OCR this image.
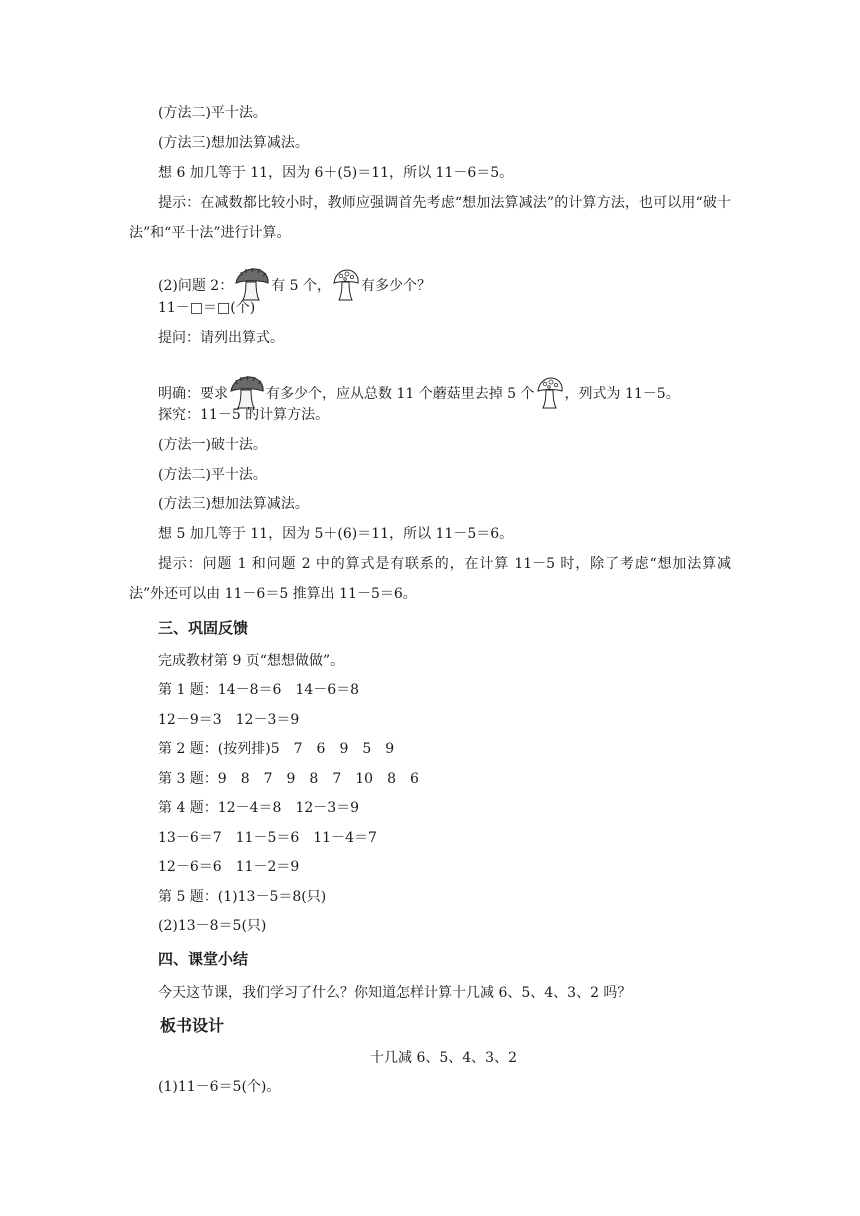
(方法二)平十法。
(方法三)想加法算减法。
想 6 加几等于 11，因为 6＋(5)＝11，所以 11－6＝5。
提示：在减数都比较小时，教师应强调首先考虑“想加法算减法”的计算方法，也可以用“破十法”和“平十法”进行计算。
(2)问题 2：	有 5 个， 有多少个？
11－□＝□(个)
提问：请列出算式。
明确：要求	有多少个，应从总数 11 个蘑菇里去掉 5 个 ，列式为 11－5。
探究：11－5 的计算方法。
(方法一)破十法。
(方法二)平十法。
(方法三)想加法算减法。
想 5 加几等于 11，因为 5＋(6)＝11，所以 11－5＝6。
提示：问题 1 和问题 2 中的算式是有联系的，在计算 11－5 时，除了考虑“想加法算减法”外还可以由 11－6＝5 推算出 11－5＝6。
三、巩固反馈
完成教材第 9 页“想想做做”。
第 1 题：14－8＝6　14－6＝8
12－9＝3　12－3＝9
第 2 题：(按列排)5　7　6　9　5　9
第 3 题：9　8　7　9　8　7　10　8　6
第 4 题：12－4＝8　12－3＝9
13－6＝7　11－5＝6　11－4＝7
12－6＝6　11－2＝9
第 5 题：(1)13－5＝8(只)
(2)13－8＝5(只)
四、课堂小结
今天这节课，我们学习了什么？你知道怎样计算十几减 6、5、4、3、2 吗？
板书设计
十几减 6、5、4、3、2
(1)11－6＝5(个)。
